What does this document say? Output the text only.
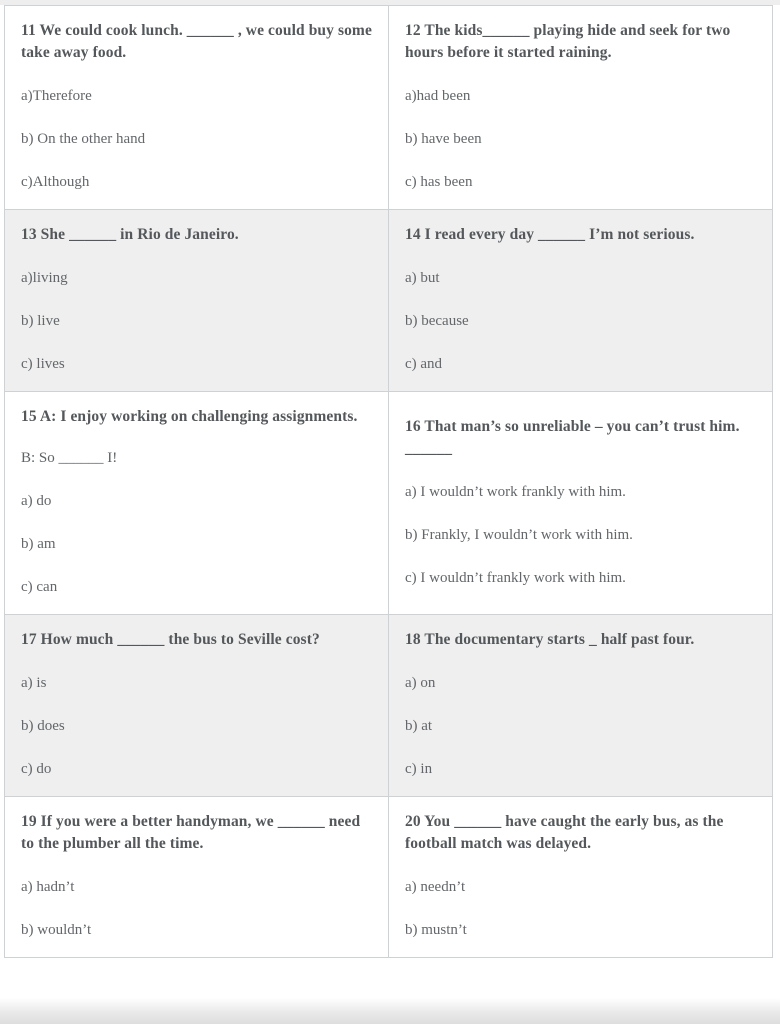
11 We could cook lunch. ______ , we could buy some take away food.

a)Therefore

b) On the other hand

c)Although

12 The kids______ playing hide and seek for two hours before it started raining.

a)had been

b) have been

c) has been

13 She ______ in Rio de Janeiro.

a)living

b) live

c) lives

14 I read every day ______ I’m not serious.

a) but

b) because

c) and

15 A: I enjoy working on challenging assignments.

B: So ______ I!

a) do

b) am

c) can

16 That man’s so unreliable – you can’t trust him. ______

a) I wouldn’t work frankly with him.

b) Frankly, I wouldn’t work with him.

c) I wouldn’t frankly work with him.

17 How much ______ the bus to Seville cost?

a) is

b) does

c) do

18 The documentary starts _ half past four.

a) on

b) at

c) in

19 If you were a better handyman, we ______ need to the plumber all the time.

a) hadn’t

b) wouldn’t

20 You ______ have caught the early bus, as the football match was delayed.

a) needn’t

b) mustn’t
